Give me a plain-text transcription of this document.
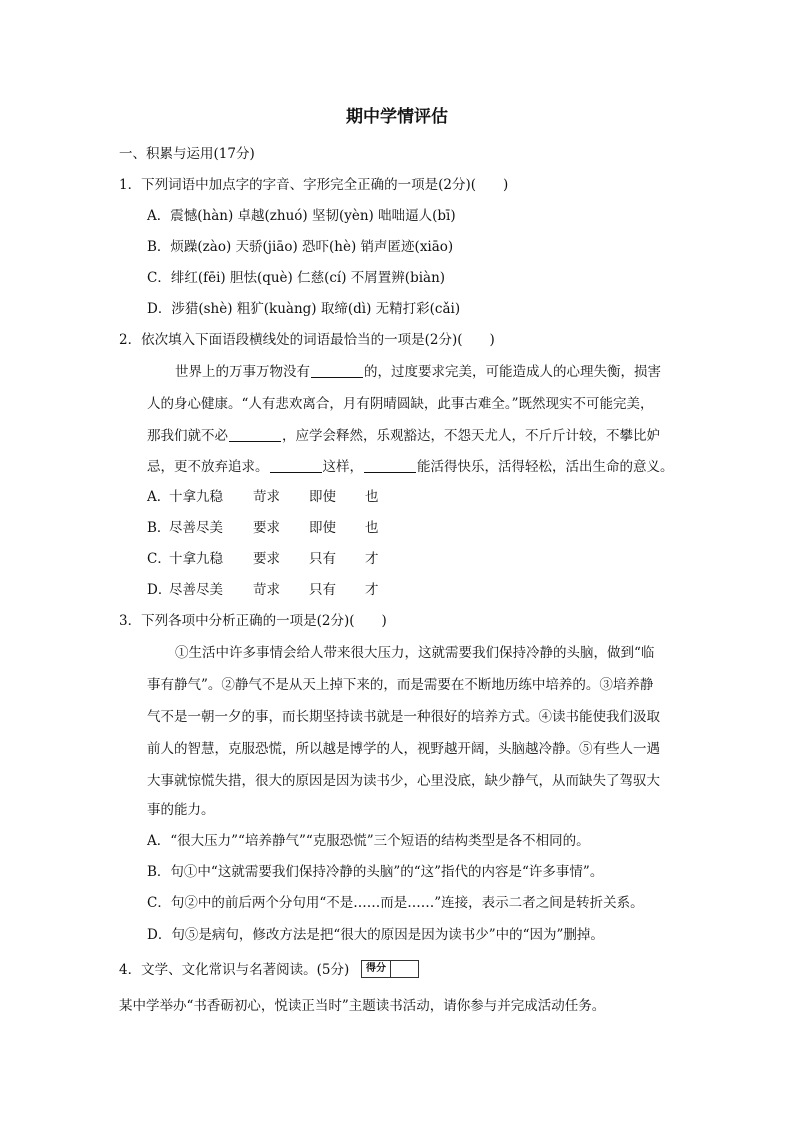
期中学情评估
一、积累与运用(17分)
1．下列词语中加点字的字音、字形完全正确的一项是(2分)(　　)
A．震憾(hàn) 卓越(zhuó) 坚韧(yèn) 咄咄逼人(bī)
B．烦躁(zào) 天骄(jiāo) 恐吓(hè) 销声匿迹(xiāo)
C．绯红(fēi) 胆怯(què) 仁慈(cí) 不屑置辨(biàn)
D．涉猎(shè) 粗犷(kuàng) 取缔(dì) 无精打彩(cǎi)
2．依次填入下面语段横线处的词语最恰当的一项是(2分)(　　)
世界上的万事万物没有	的，过度要求完美，可能造成人的心理失衡，损害
人的身心健康。“人有悲欢离合，月有阴晴圆缺，此事古难全。”既然现实不可能完美，
那我们就不必	，应学会释然，乐观豁达，不怨天尤人，不斤斤计较，不攀比妒
忌，更不放弃追求。	这样，	能活得快乐，活得轻松，活出生命的意义。
A．十拿九稳 苛求 即使 也
B．尽善尽美 要求 即使 也
C．十拿九稳 要求 只有 才
D．尽善尽美 苛求 只有 才
3．下列各项中分析正确的一项是(2分)(　　)
①生活中许多事情会给人带来很大压力，这就需要我们保持冷静的头脑，做到“临
事有静气”。②静气不是从天上掉下来的，而是需要在不断地历练中培养的。③培养静
气不是一朝一夕的事，而长期坚持读书就是一种很好的培养方式。④读书能使我们汲取
前人的智慧，克服恐慌，所以越是博学的人，视野越开阔，头脑越冷静。⑤有些人一遇
大事就惊慌失措，很大的原因是因为读书少，心里没底，缺少静气，从而缺失了驾驭大
事的能力。
A．“很大压力”“培养静气”“克服恐慌”三个短语的结构类型是各不相同的。
B．句①中“这就需要我们保持冷静的头脑”的“这”指代的内容是“许多事情”。
C．句②中的前后两个分句用“不是……而是……”连接，表示二者之间是转折关系。
D．句⑤是病句，修改方法是把“很大的原因是因为读书少”中的“因为”删掉。
4．文学、文化常识与名著阅读。(5分)	得分
某中学举办“书香砺初心，悦读正当时”主题读书活动，请你参与并完成活动任务。
